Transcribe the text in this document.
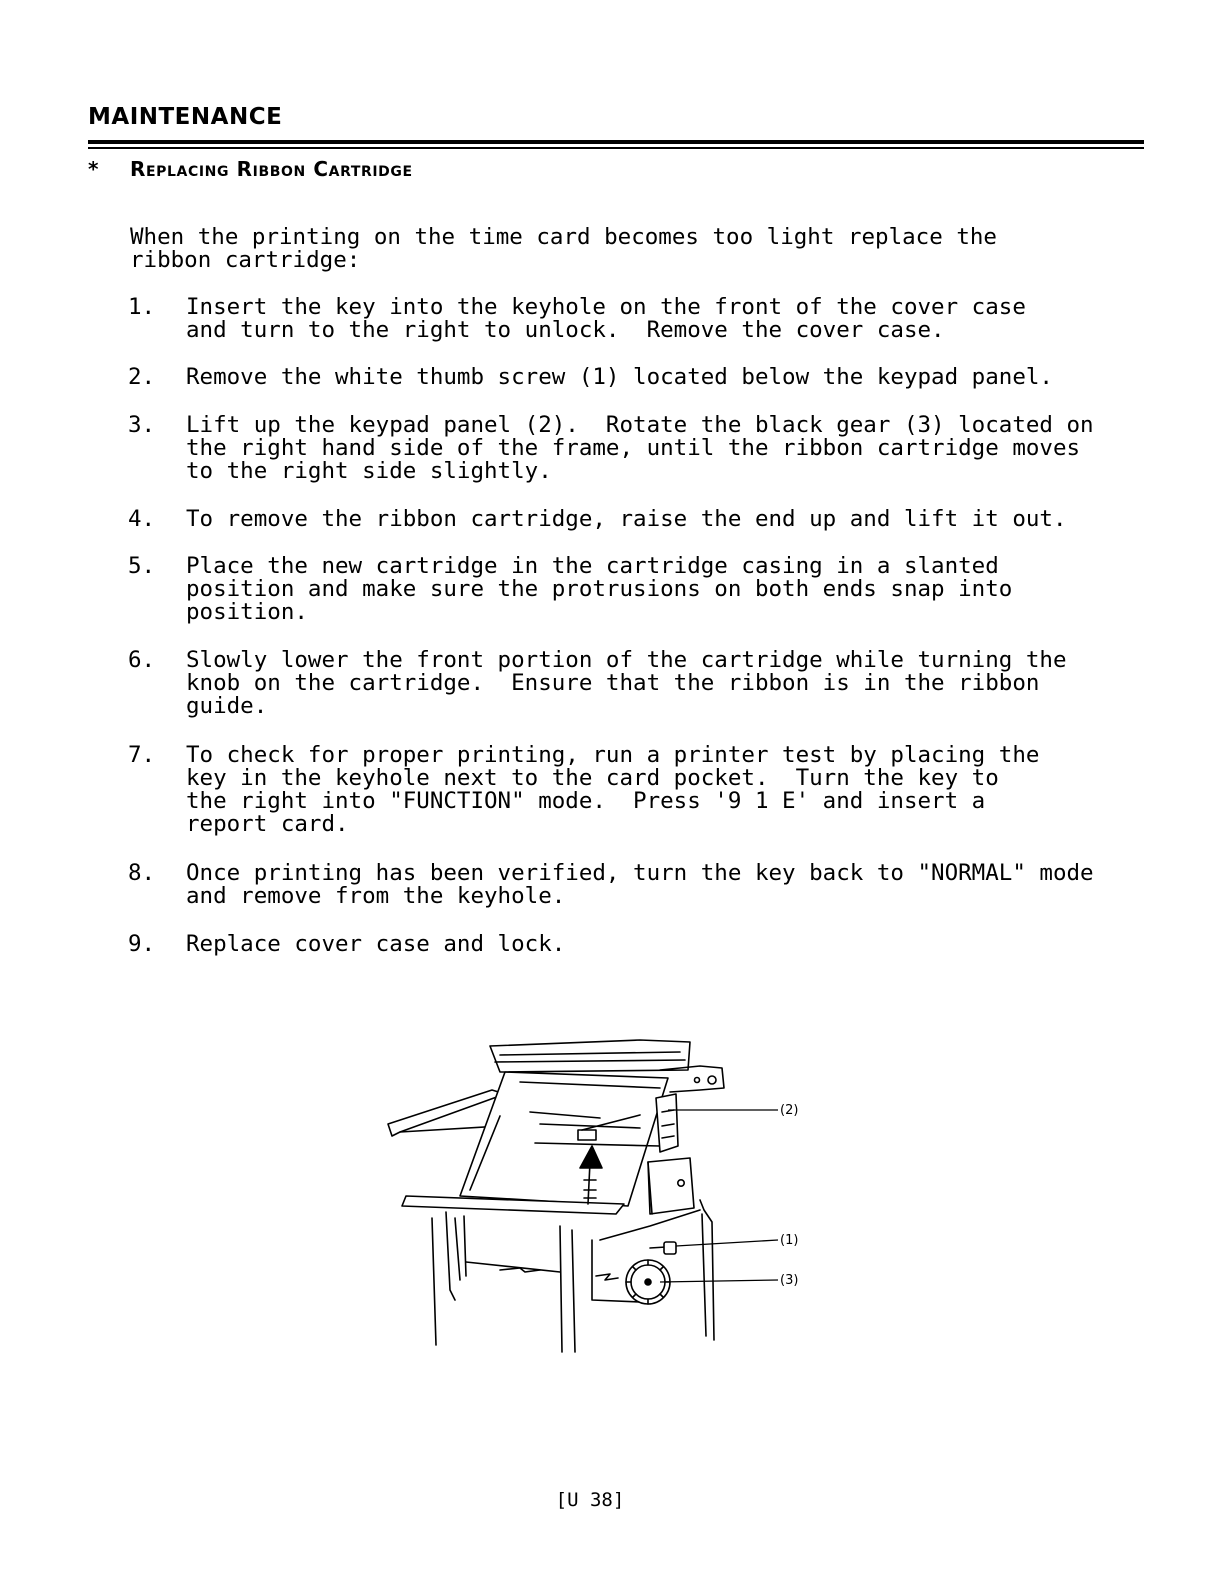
MAINTENANCE
* Replacing Ribbon Cartridge
When the printing on the time card becomes too light replace the
ribbon cartridge:
1.	Insert the key into the keyhole on the front of the cover case
and turn to the right to unlock.  Remove the cover case.
2.	Remove the white thumb screw (1) located below the keypad panel.
3.	Lift up the keypad panel (2).  Rotate the black gear (3) located on
the right hand side of the frame, until the ribbon cartridge moves
to the right side slightly.
4.	To remove the ribbon cartridge, raise the end up and lift it out.
5.	Place the new cartridge in the cartridge casing in a slanted
position and make sure the protrusions on both ends snap into
position.
6.	Slowly lower the front portion of the cartridge while turning the
knob on the cartridge.  Ensure that the ribbon is in the ribbon
guide.
7.	To check for proper printing, run a printer test by placing the
key in the keyhole next to the card pocket.  Turn the key to
the right into "FUNCTION" mode.  Press '9 1 E' and insert a
report card.
8.	Once printing has been verified, turn the key back to "NORMAL" mode
and remove from the keyhole.
9.	Replace cover case and lock.
(2)
(1)
(3)
[U 38]
